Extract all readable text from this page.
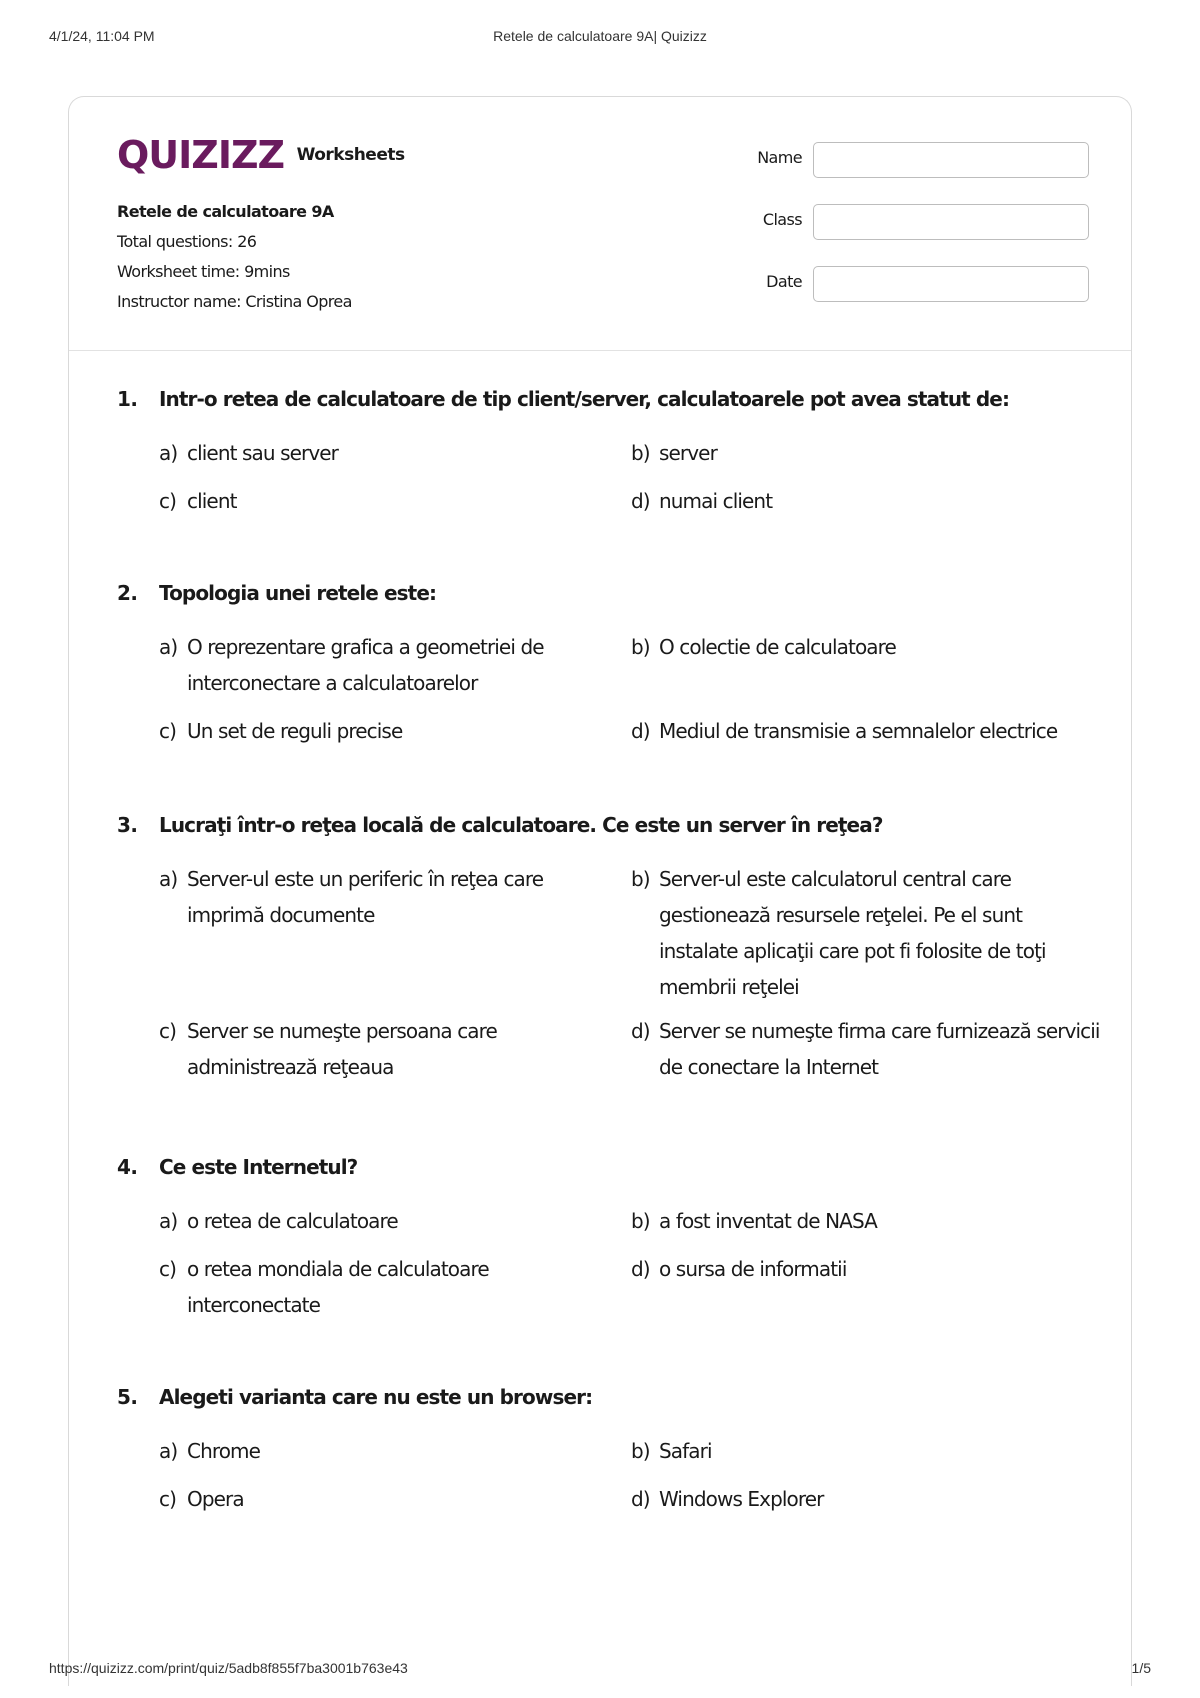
4/1/24, 11:04 PM	Retele de calculatoare 9A| Quizizz
QUIZIZZ Worksheets
Retele de calculatoare 9A
Total questions: 26
Worksheet time: 9mins
Instructor name: Cristina Oprea
Name
Class
Date
1. Intr-o retea de calculatoare de tip client/server, calculatoarele pot avea statut de:
a) client sau server	b) server
c) client	d) numai client
2. Topologia unei retele este:
a) O reprezentare grafica a geometriei de interconectare a calculatoarelor
b) O colectie de calculatoare
c) Un set de reguli precise	d) Mediul de transmisie a semnalelor electrice
3. Lucraţi într-o reţea locală de calculatoare. Ce este un server în reţea?
a) Server-ul este un periferic în reţea care imprimă documente
b) Server-ul este calculatorul central care gestionează resursele reţelei. Pe el sunt instalate aplicaţii care pot fi folosite de toţi membrii reţelei
c) Server se numeşte persoana care administrează reţeaua
d) Server se numeşte firma care furnizează servicii de conectare la Internet
4. Ce este Internetul?
a) o retea de calculatoare	b) a fost inventat de NASA
c) o retea mondiala de calculatoare interconectate
d) o sursa de informatii
5. Alegeti varianta care nu este un browser:
a) Chrome	b) Safari
c) Opera	d) Windows Explorer
https://quizizz.com/print/quiz/5adb8f855f7ba3001b763e43	1/5
